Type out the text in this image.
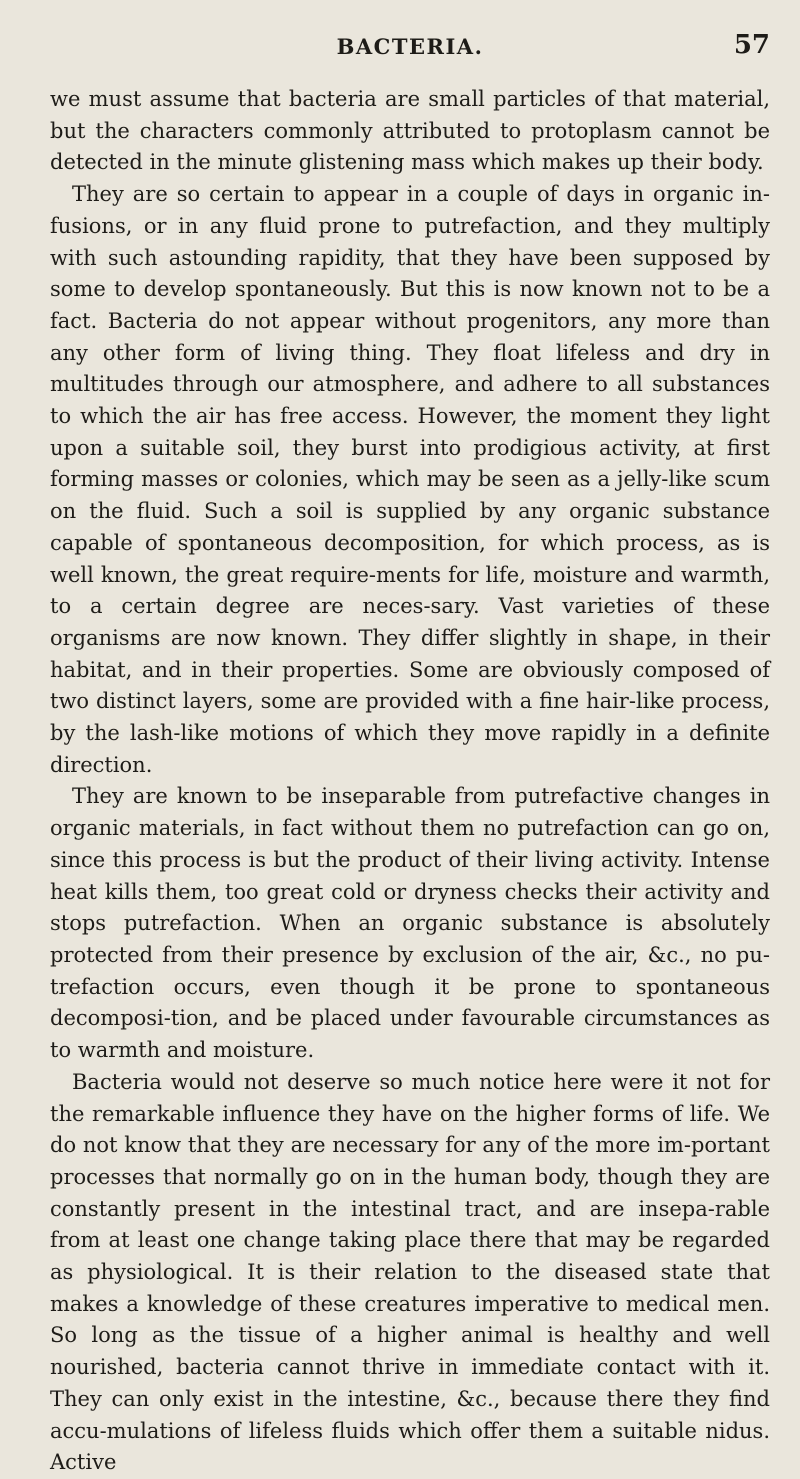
BACTERIA.	57

we must assume that bacteria are small particles of that material, but the characters commonly attributed to protoplasm cannot be detected in the minute glistening mass which makes up their body.

They are so certain to appear in a couple of days in organic in-fusions, or in any fluid prone to putrefaction, and they multiply with such astounding rapidity, that they have been supposed by some to develop spontaneously. But this is now known not to be a fact. Bacteria do not appear without progenitors, any more than any other form of living thing. They float lifeless and dry in multitudes through our atmosphere, and adhere to all substances to which the air has free access. However, the moment they light upon a suitable soil, they burst into prodigious activity, at first forming masses or colonies, which may be seen as a jelly-like scum on the fluid. Such a soil is supplied by any organic substance capable of spontaneous decomposition, for which process, as is well known, the great require-ments for life, moisture and warmth, to a certain degree are neces-sary. Vast varieties of these organisms are now known. They differ slightly in shape, in their habitat, and in their properties. Some are obviously composed of two distinct layers, some are provided with a fine hair-like process, by the lash-like motions of which they move rapidly in a definite direction.

They are known to be inseparable from putrefactive changes in organic materials, in fact without them no putrefaction can go on, since this process is but the product of their living activity. Intense heat kills them, too great cold or dryness checks their activity and stops putrefaction. When an organic substance is absolutely protected from their presence by exclusion of the air, &c., no pu-trefaction occurs, even though it be prone to spontaneous decomposi-tion, and be placed under favourable circumstances as to warmth and moisture.

Bacteria would not deserve so much notice here were it not for the remarkable influence they have on the higher forms of life. We do not know that they are necessary for any of the more im-portant processes that normally go on in the human body, though they are constantly present in the intestinal tract, and are insepa-rable from at least one change taking place there that may be regarded as physiological. It is their relation to the diseased state that makes a knowledge of these creatures imperative to medical men. So long as the tissue of a higher animal is healthy and well nourished, bacteria cannot thrive in immediate contact with it. They can only exist in the intestine, &c., because there they find accu-mulations of lifeless fluids which offer them a suitable nidus. Active
